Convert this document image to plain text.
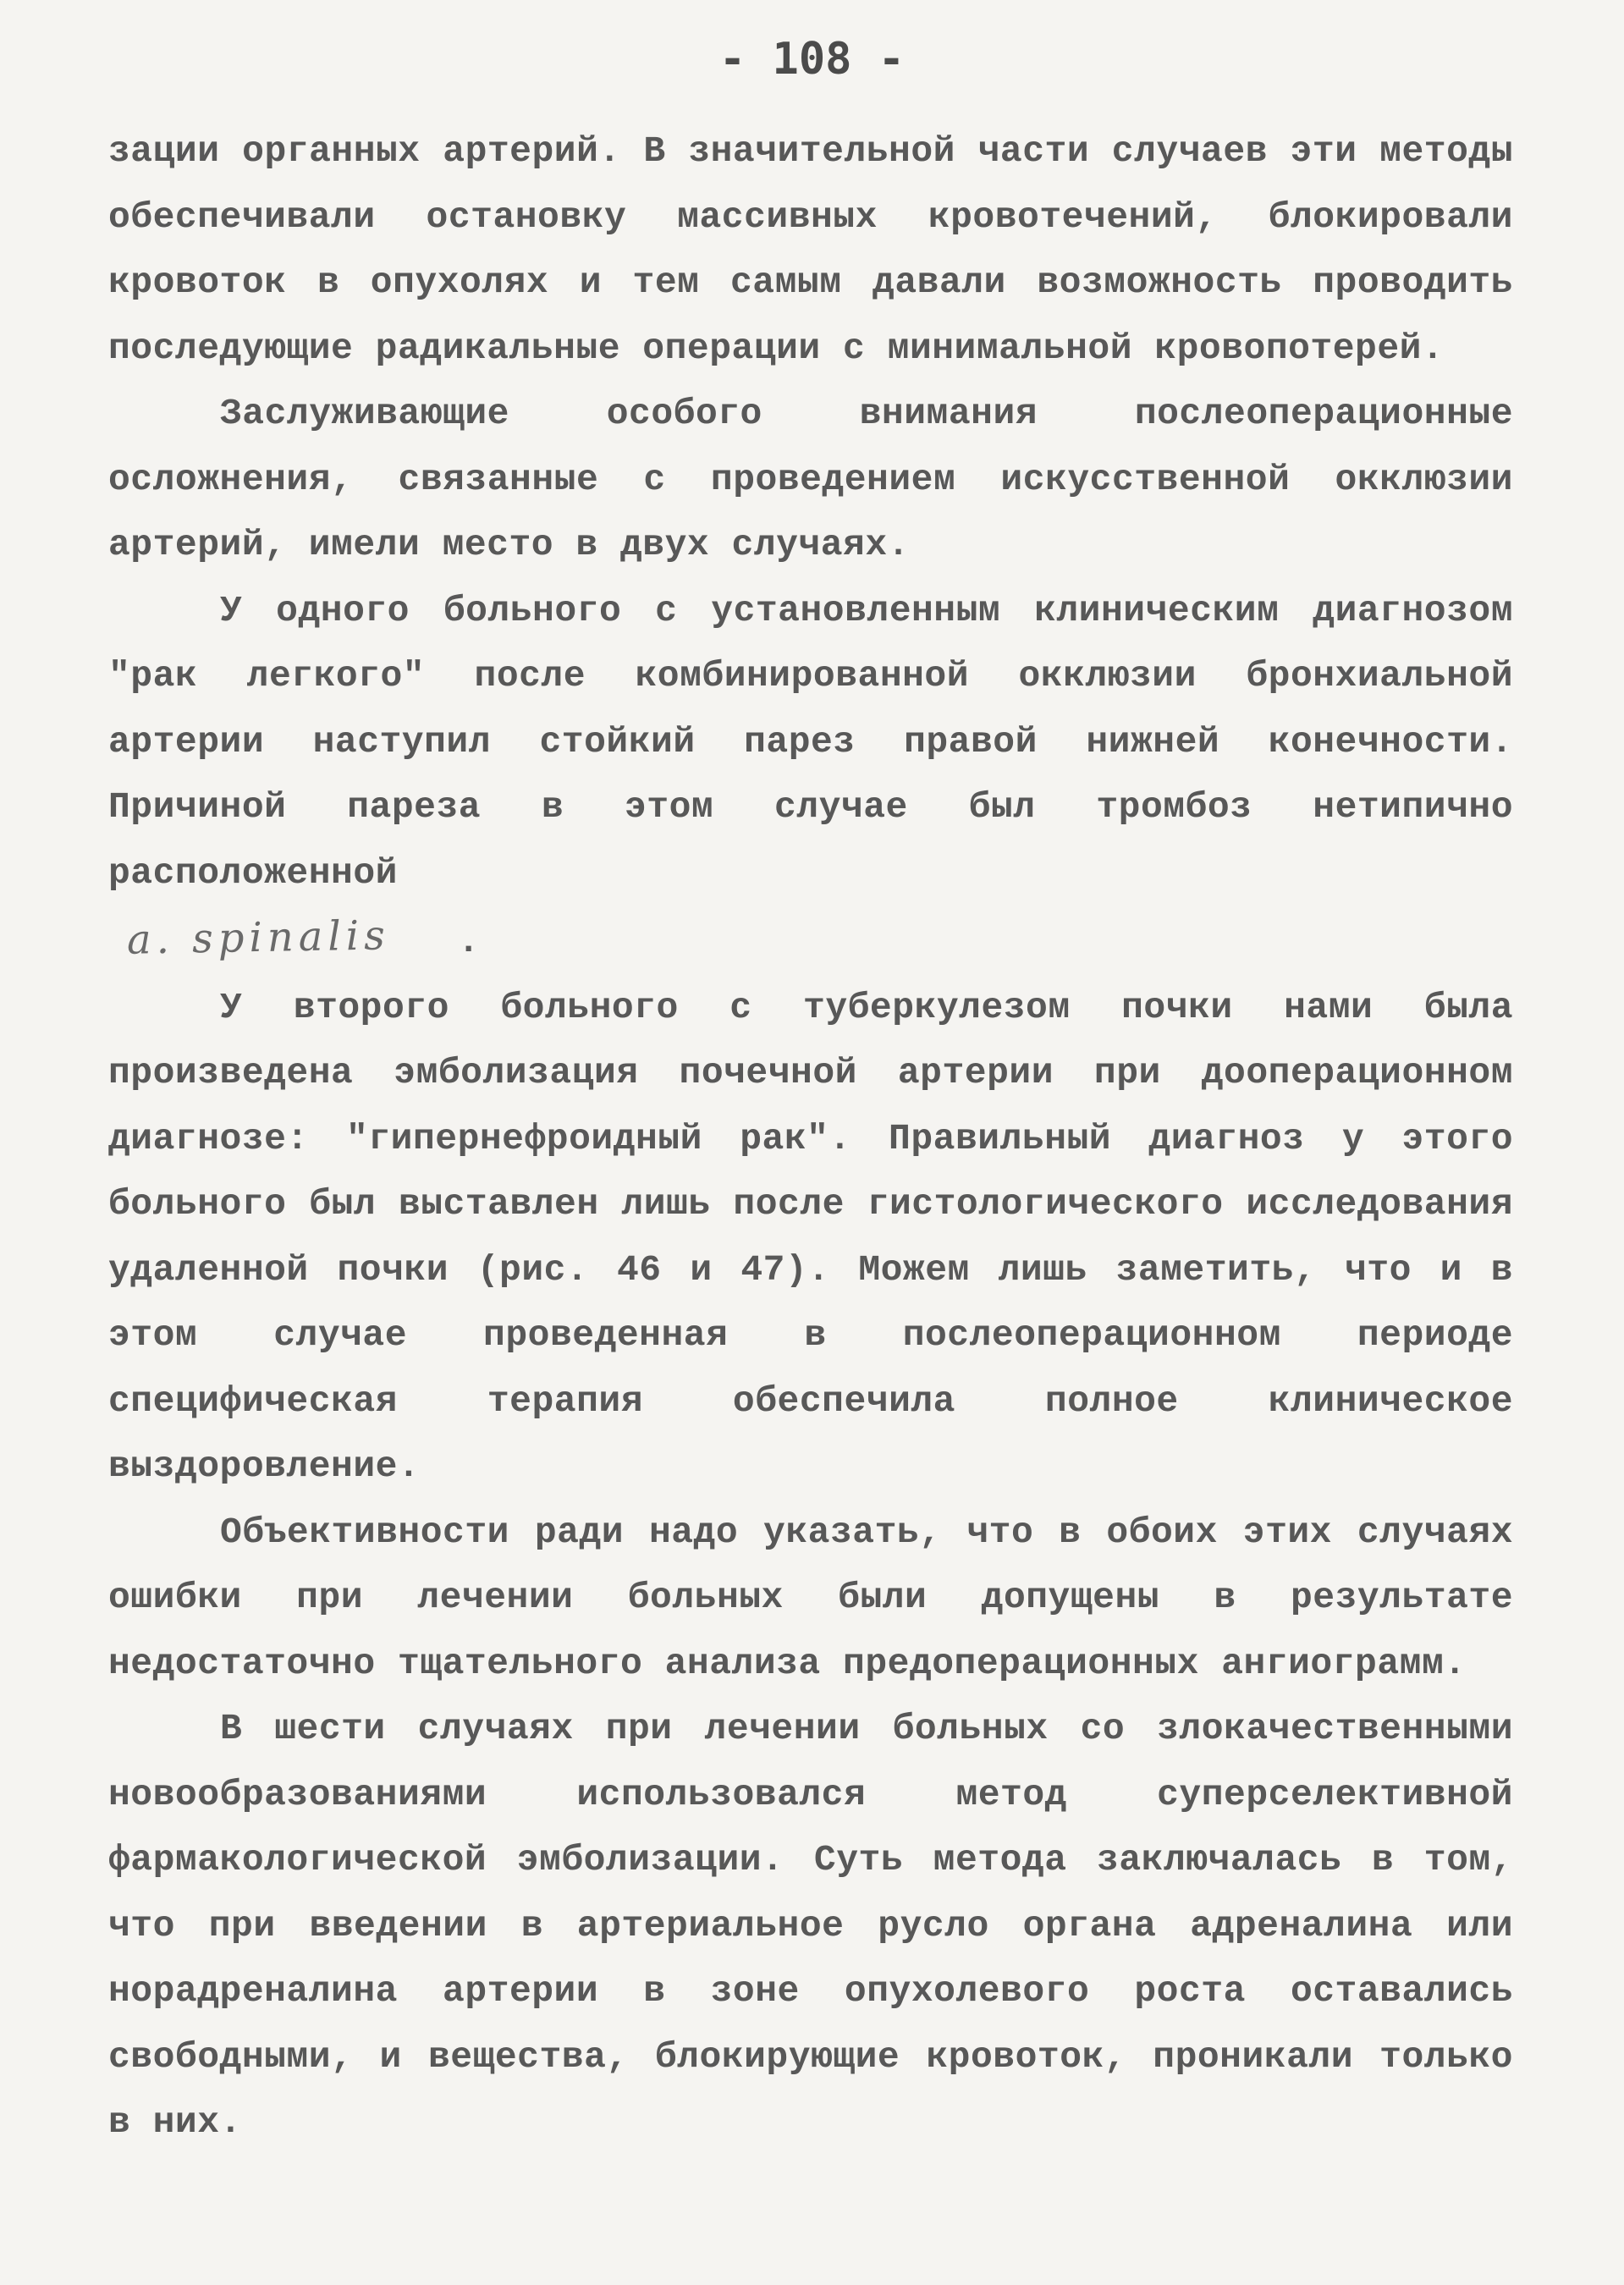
- 108 -

зации органных артерий. В значительной части случаев эти методы обеспечивали остановку массивных кровотечений, блокировали кровоток в опухолях и тем самым давали возможность проводить последующие радикальные операции с минимальной кровопотерей.

Заслуживающие особого внимания послеоперационные осложнения, связанные с проведением искусственной окклюзии артерий, имели место в двух случаях.

У одного больного с установленным клиническим диагнозом "рак легкого" после комбинированной окклюзии бронхиальной артерии наступил стойкий парез правой нижней конечности. Причиной пареза в этом случае был тромбоз нетипично расположенной

a. spinalis .

У второго больного с туберкулезом почки нами была произведена эмболизация почечной артерии при дооперационном диагнозе: "гипернефроидный рак". Правильный диагноз у этого больного был выставлен лишь после гистологического исследования удаленной почки (рис. 46 и 47). Можем лишь заметить, что и в этом случае проведенная в послеоперационном периоде специфическая терапия обеспечила полное клиническое выздоровление.

Объективности ради надо указать, что в обоих этих случаях ошибки при лечении больных были допущены в результате недостаточно тщательного анализа предоперационных ангиограмм.

В шести случаях при лечении больных со злокачественными новообразованиями использовался метод суперселективной фармакологической эмболизации. Суть метода заключалась в том, что при введении в артериальное русло органа адреналина или норадреналина артерии в зоне опухолевого роста оставались свободными, и вещества, блокирующие кровоток, проникали только в них.
